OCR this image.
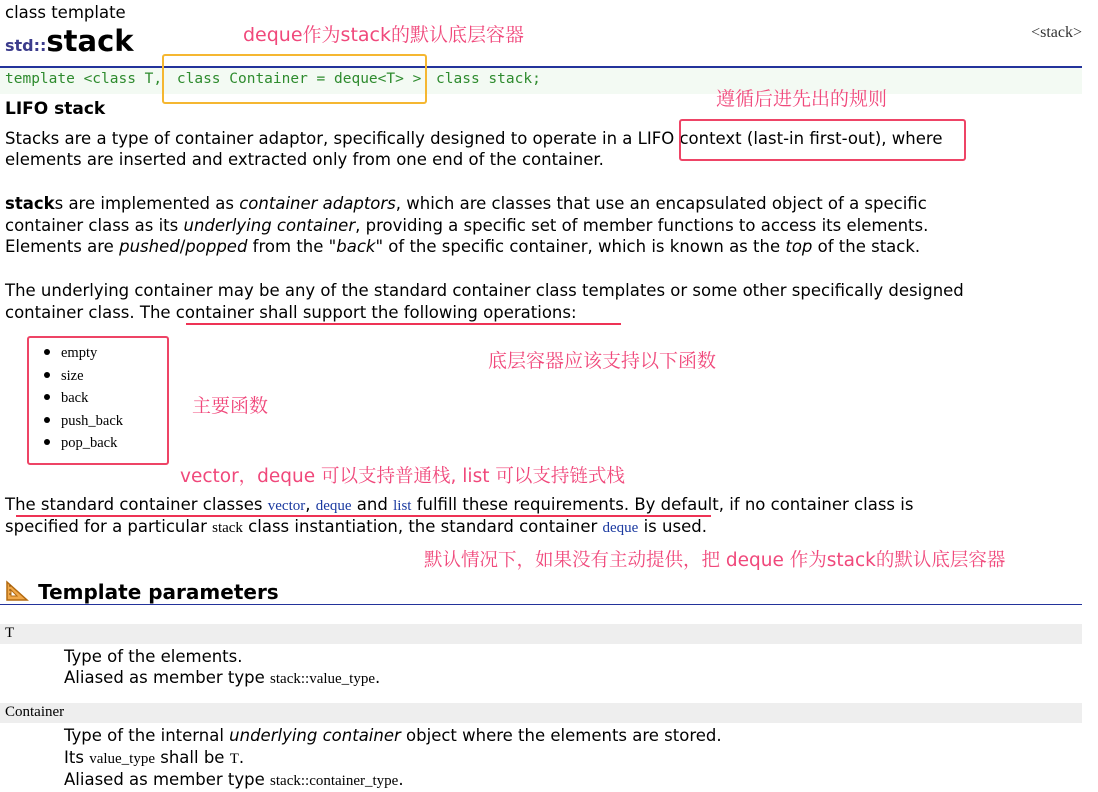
class template
std::stack	<stack>
template <class T, class Container = deque<T> > class stack;
deque作为stack的默认底层容器
LIFO stack	遵循后进先出的规则
Stacks are a type of container adaptor, specifically designed to operate in a LIFO context (last-in first-out), where
elements are inserted and extracted only from one end of the container.
stacks are implemented as container adaptors, which are classes that use an encapsulated object of a specific
container class as its underlying container, providing a specific set of member functions to access its elements.
Elements are pushed/popped from the "back" of the specific container, which is known as the top of the stack.
The underlying container may be any of the standard container class templates or some other specifically designed
container class. The container shall support the following operations:
empty
size
back
push_back
pop_back
底层容器应该支持以下函数
主要函数
vector，deque 可以支持普通栈, list 可以支持链式栈
The standard container classes vector, deque and list fulfill these requirements. By default, if no container class is
specified for a particular stack class instantiation, the standard container deque is used.
默认情况下，如果没有主动提供，把 deque 作为stack的默认底层容器
Template parameters
T
Type of the elements.
Aliased as member type stack::value_type.
Container
Type of the internal underlying container object where the elements are stored.
Its value_type shall be T.
Aliased as member type stack::container_type.
